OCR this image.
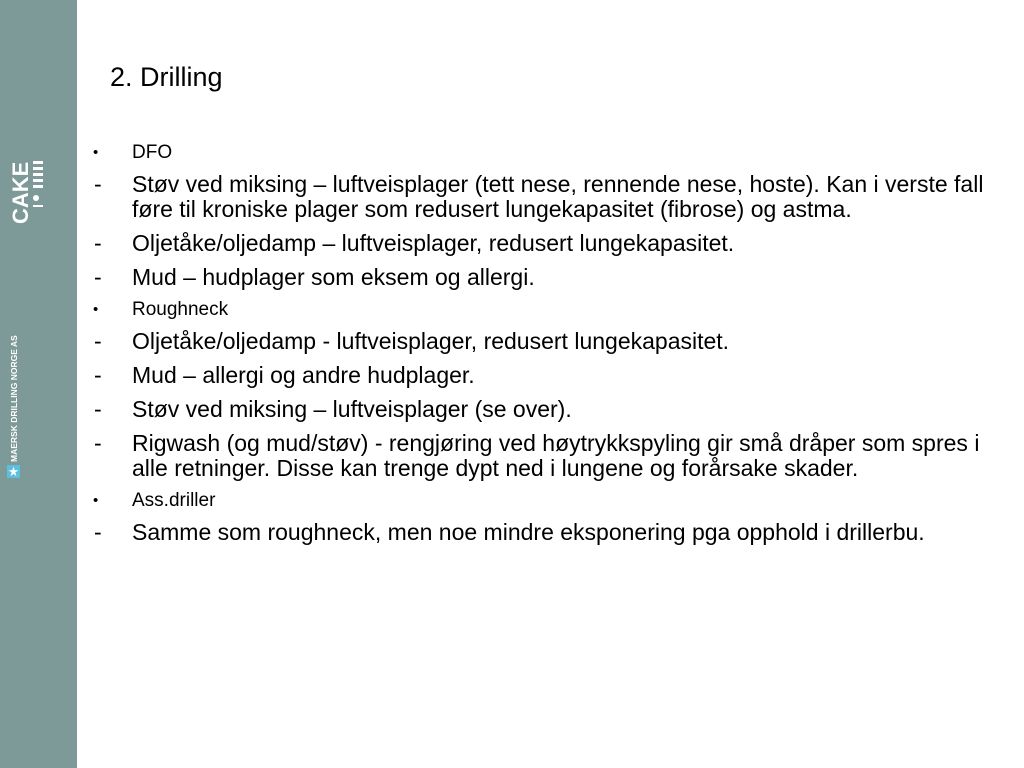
CAKE
MAERSK DRILLING NORGE AS
2. Drilling
• DFO
- Støv ved miksing – luftveisplager (tett nese, rennende nese, hoste). Kan i verste fall føre til kroniske plager som redusert lungekapasitet (fibrose) og astma.
- Oljetåke/oljedamp – luftveisplager, redusert lungekapasitet.
- Mud – hudplager som eksem og allergi.
• Roughneck
- Oljetåke/oljedamp - luftveisplager, redusert lungekapasitet.
- Mud – allergi og andre hudplager.
- Støv ved miksing – luftveisplager (se over).
- Rigwash (og mud/støv) - rengjøring ved høytrykkspyling gir små dråper som spres i alle retninger. Disse kan trenge dypt ned i lungene og forårsake skader.
• Ass.driller
- Samme som roughneck, men noe mindre eksponering pga opphold i drillerbu.
